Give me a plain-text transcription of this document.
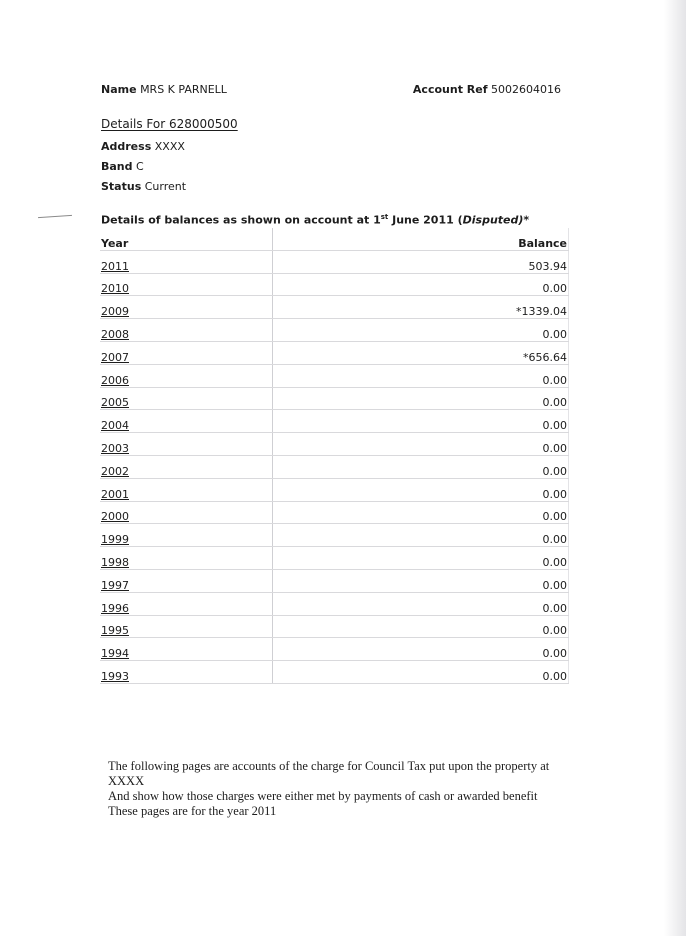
Name MRS K PARNELL	Account Ref 5002604016
Details For 628000500
Address XXXX
Band C
Status Current
Details of balances as shown on account at 1st June 2011 (Disputed)*
Year	Balance
2011	503.94
2010	0.00
2009	*1339.04
2008	0.00
2007	*656.64
2006	0.00
2005	0.00
2004	0.00
2003	0.00
2002	0.00
2001	0.00
2000	0.00
1999	0.00
1998	0.00
1997	0.00
1996	0.00
1995	0.00
1994	0.00
1993	0.00

The following pages are accounts of the charge for Council Tax put upon the property at XXXX

And show how those charges were either met by payments of cash or awarded benefit

These pages are for the year 2011
